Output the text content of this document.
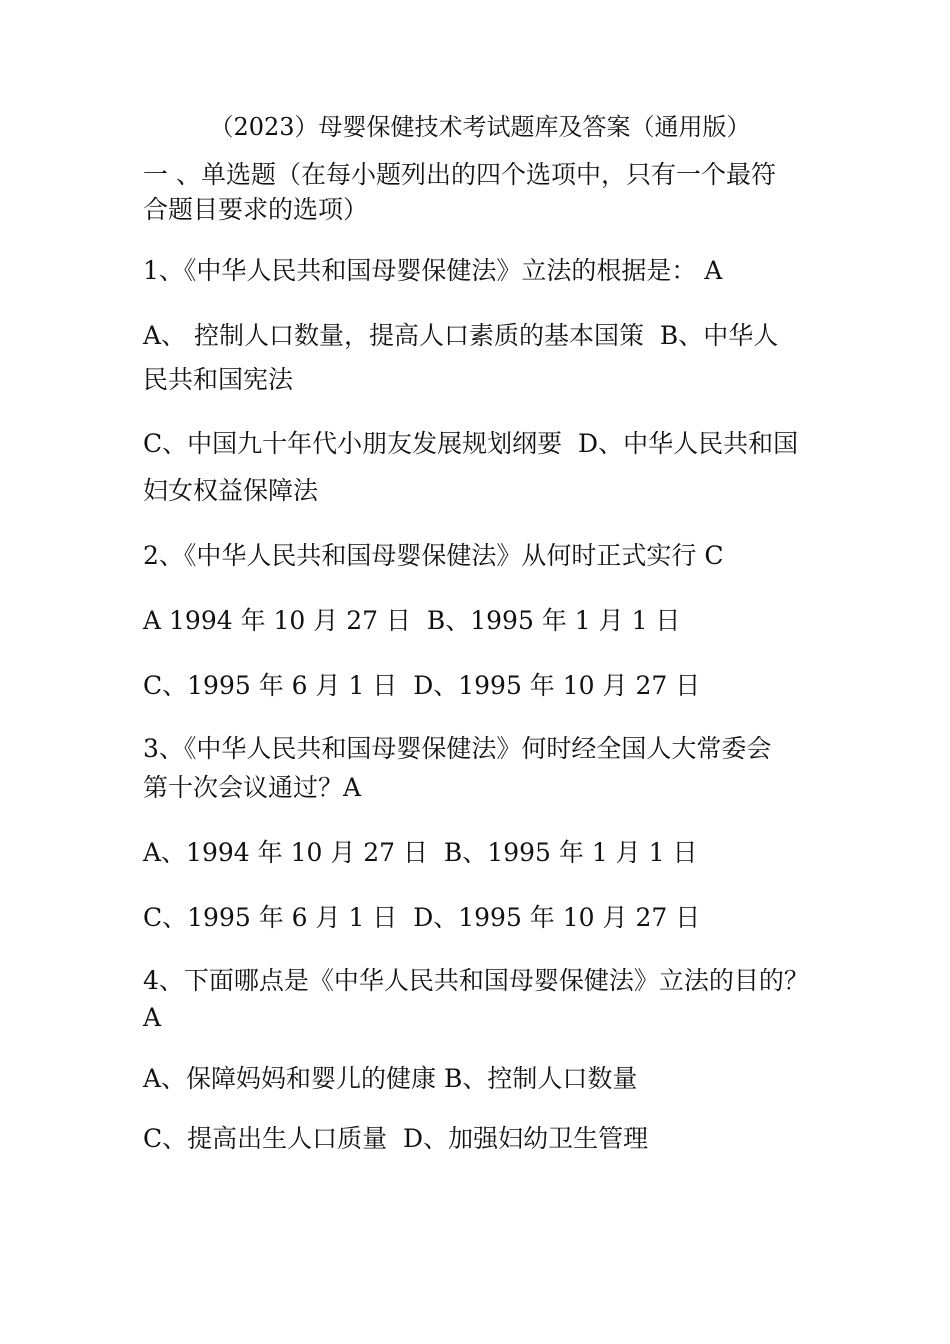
（2023）母婴保健技术考试题库及答案（通用版）
一 、单选题（在每小题列出的四个选项中，只有一个最符
合题目要求的选项）
1、《中华人民共和国母婴保健法》立法的根据是： A
A、 控制人口数量，提高人口素质的基本国策  B、中华人
民共和国宪法
C、中国九十年代小朋友发展规划纲要  D、中华人民共和国
妇女权益保障法
2、《中华人民共和国母婴保健法》从何时正式实行 C
A 1994 年 10 月 27 日  B、1995 年 1 月 1 日
C、1995 年 6 月 1 日  D、1995 年 10 月 27 日
3、《中华人民共和国母婴保健法》何时经全国人大常委会
第十次会议通过？A
A、1994 年 10 月 27 日  B、1995 年 1 月 1 日
C、1995 年 6 月 1 日  D、1995 年 10 月 27 日
4、下面哪点是《中华人民共和国母婴保健法》立法的目的？
A
A、保障妈妈和婴儿的健康 B、控制人口数量
C、提高出生人口质量  D、加强妇幼卫生管理
